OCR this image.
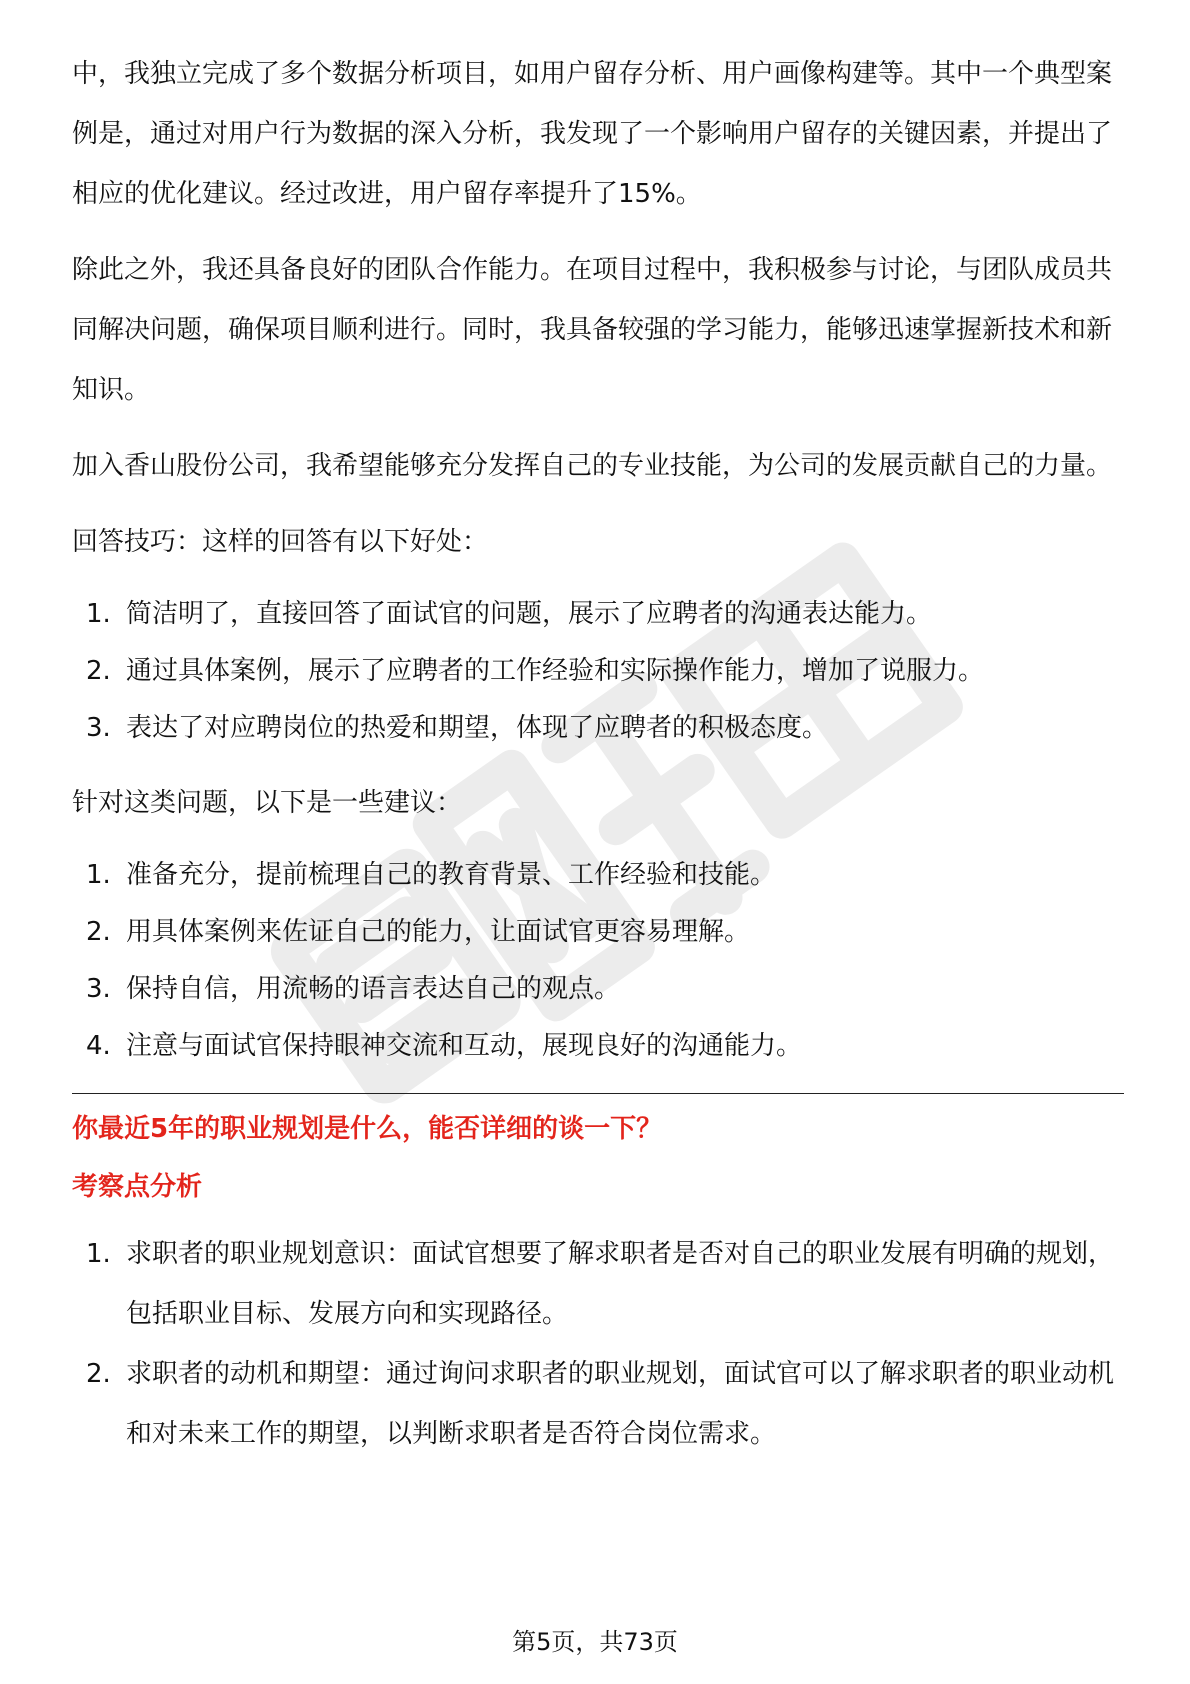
中，我独立完成了多个数据分析项目，如用户留存分析、用户画像构建等。其中一个典型案例是，通过对用户行为数据的深入分析，我发现了一个影响用户留存的关键因素，并提出了相应的优化建议。经过改进，用户留存率提升了15%。

除此之外，我还具备良好的团队合作能力。在项目过程中，我积极参与讨论，与团队成员共同解决问题，确保项目顺利进行。同时，我具备较强的学习能力，能够迅速掌握新技术和新知识。

加入香山股份公司，我希望能够充分发挥自己的专业技能，为公司的发展贡献自己的力量。

回答技巧：这样的回答有以下好处：

1. 简洁明了，直接回答了面试官的问题，展示了应聘者的沟通表达能力。
2. 通过具体案例，展示了应聘者的工作经验和实际操作能力，增加了说服力。
3. 表达了对应聘岗位的热爱和期望，体现了应聘者的积极态度。

针对这类问题，以下是一些建议：

1. 准备充分，提前梳理自己的教育背景、工作经验和技能。
2. 用具体案例来佐证自己的能力，让面试官更容易理解。
3. 保持自信，用流畅的语言表达自己的观点。
4. 注意与面试官保持眼神交流和互动，展现良好的沟通能力。

你最近5年的职业规划是什么，能否详细的谈一下？

考察点分析

1. 求职者的职业规划意识：面试官想要了解求职者是否对自己的职业发展有明确的规划，包括职业目标、发展方向和实现路径。
2. 求职者的动机和期望：通过询问求职者的职业规划，面试官可以了解求职者的职业动机和对未来工作的期望，以判断求职者是否符合岗位需求。
第5页，共73页
